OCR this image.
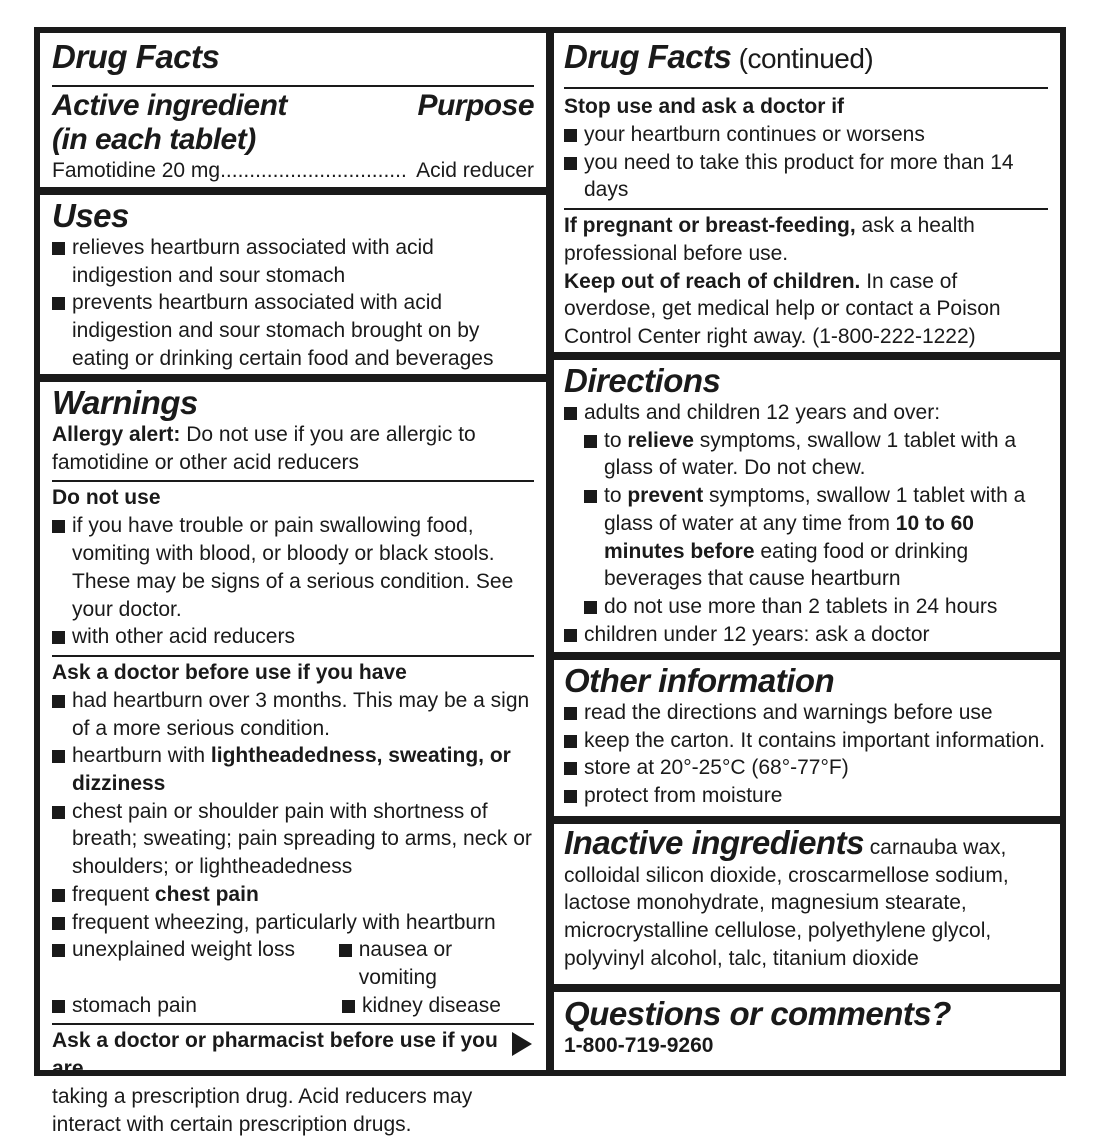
Drug Facts
Active ingredient	Purpose
(in each tablet)
Famotidine 20 mg ................................ Acid reducer
Uses
relieves heartburn associated with acid indigestion and sour stomach
prevents heartburn associated with acid indigestion and sour stomach brought on by eating or drinking certain food and beverages
Warnings
Allergy alert: Do not use if you are allergic to famotidine or other acid reducers
Do not use
if you have trouble or pain swallowing food, vomiting with blood, or bloody or black stools. These may be signs of a serious condition. See your doctor.
with other acid reducers
Ask a doctor before use if you have
had heartburn over 3 months. This may be a sign of a more serious condition.
heartburn with lightheadedness, sweating, or dizziness
chest pain or shoulder pain with shortness of breath; sweating; pain spreading to arms, neck or shoulders; or lightheadedness
frequent chest pain
frequent wheezing, particularly with heartburn
unexplained weight loss	nausea or vomiting
stomach pain	kidney disease
Ask a doctor or pharmacist before use if you are
taking a prescription drug. Acid reducers may interact with certain prescription drugs.
Drug Facts (continued)
Stop use and ask a doctor if
your heartburn continues or worsens
you need to take this product for more than 14 days
If pregnant or breast-feeding, ask a health professional before use.
Keep out of reach of children. In case of overdose, get medical help or contact a Poison Control Center right away. (1-800-222-1222)
Directions
adults and children 12 years and over:
to relieve symptoms, swallow 1 tablet with a glass of water. Do not chew.
to prevent symptoms, swallow 1 tablet with a glass of water at any time from 10 to 60 minutes before eating food or drinking beverages that cause heartburn
do not use more than 2 tablets in 24 hours
children under 12 years: ask a doctor
Other information
read the directions and warnings before use
keep the carton. It contains important information.
store at 20°-25°C (68°-77°F)
protect from moisture
Inactive ingredients carnauba wax, colloidal silicon dioxide, croscarmellose sodium, lactose monohydrate, magnesium stearate, microcrystalline cellulose, polyethylene glycol, polyvinyl alcohol, talc, titanium dioxide
Questions or comments?
1-800-719-9260
